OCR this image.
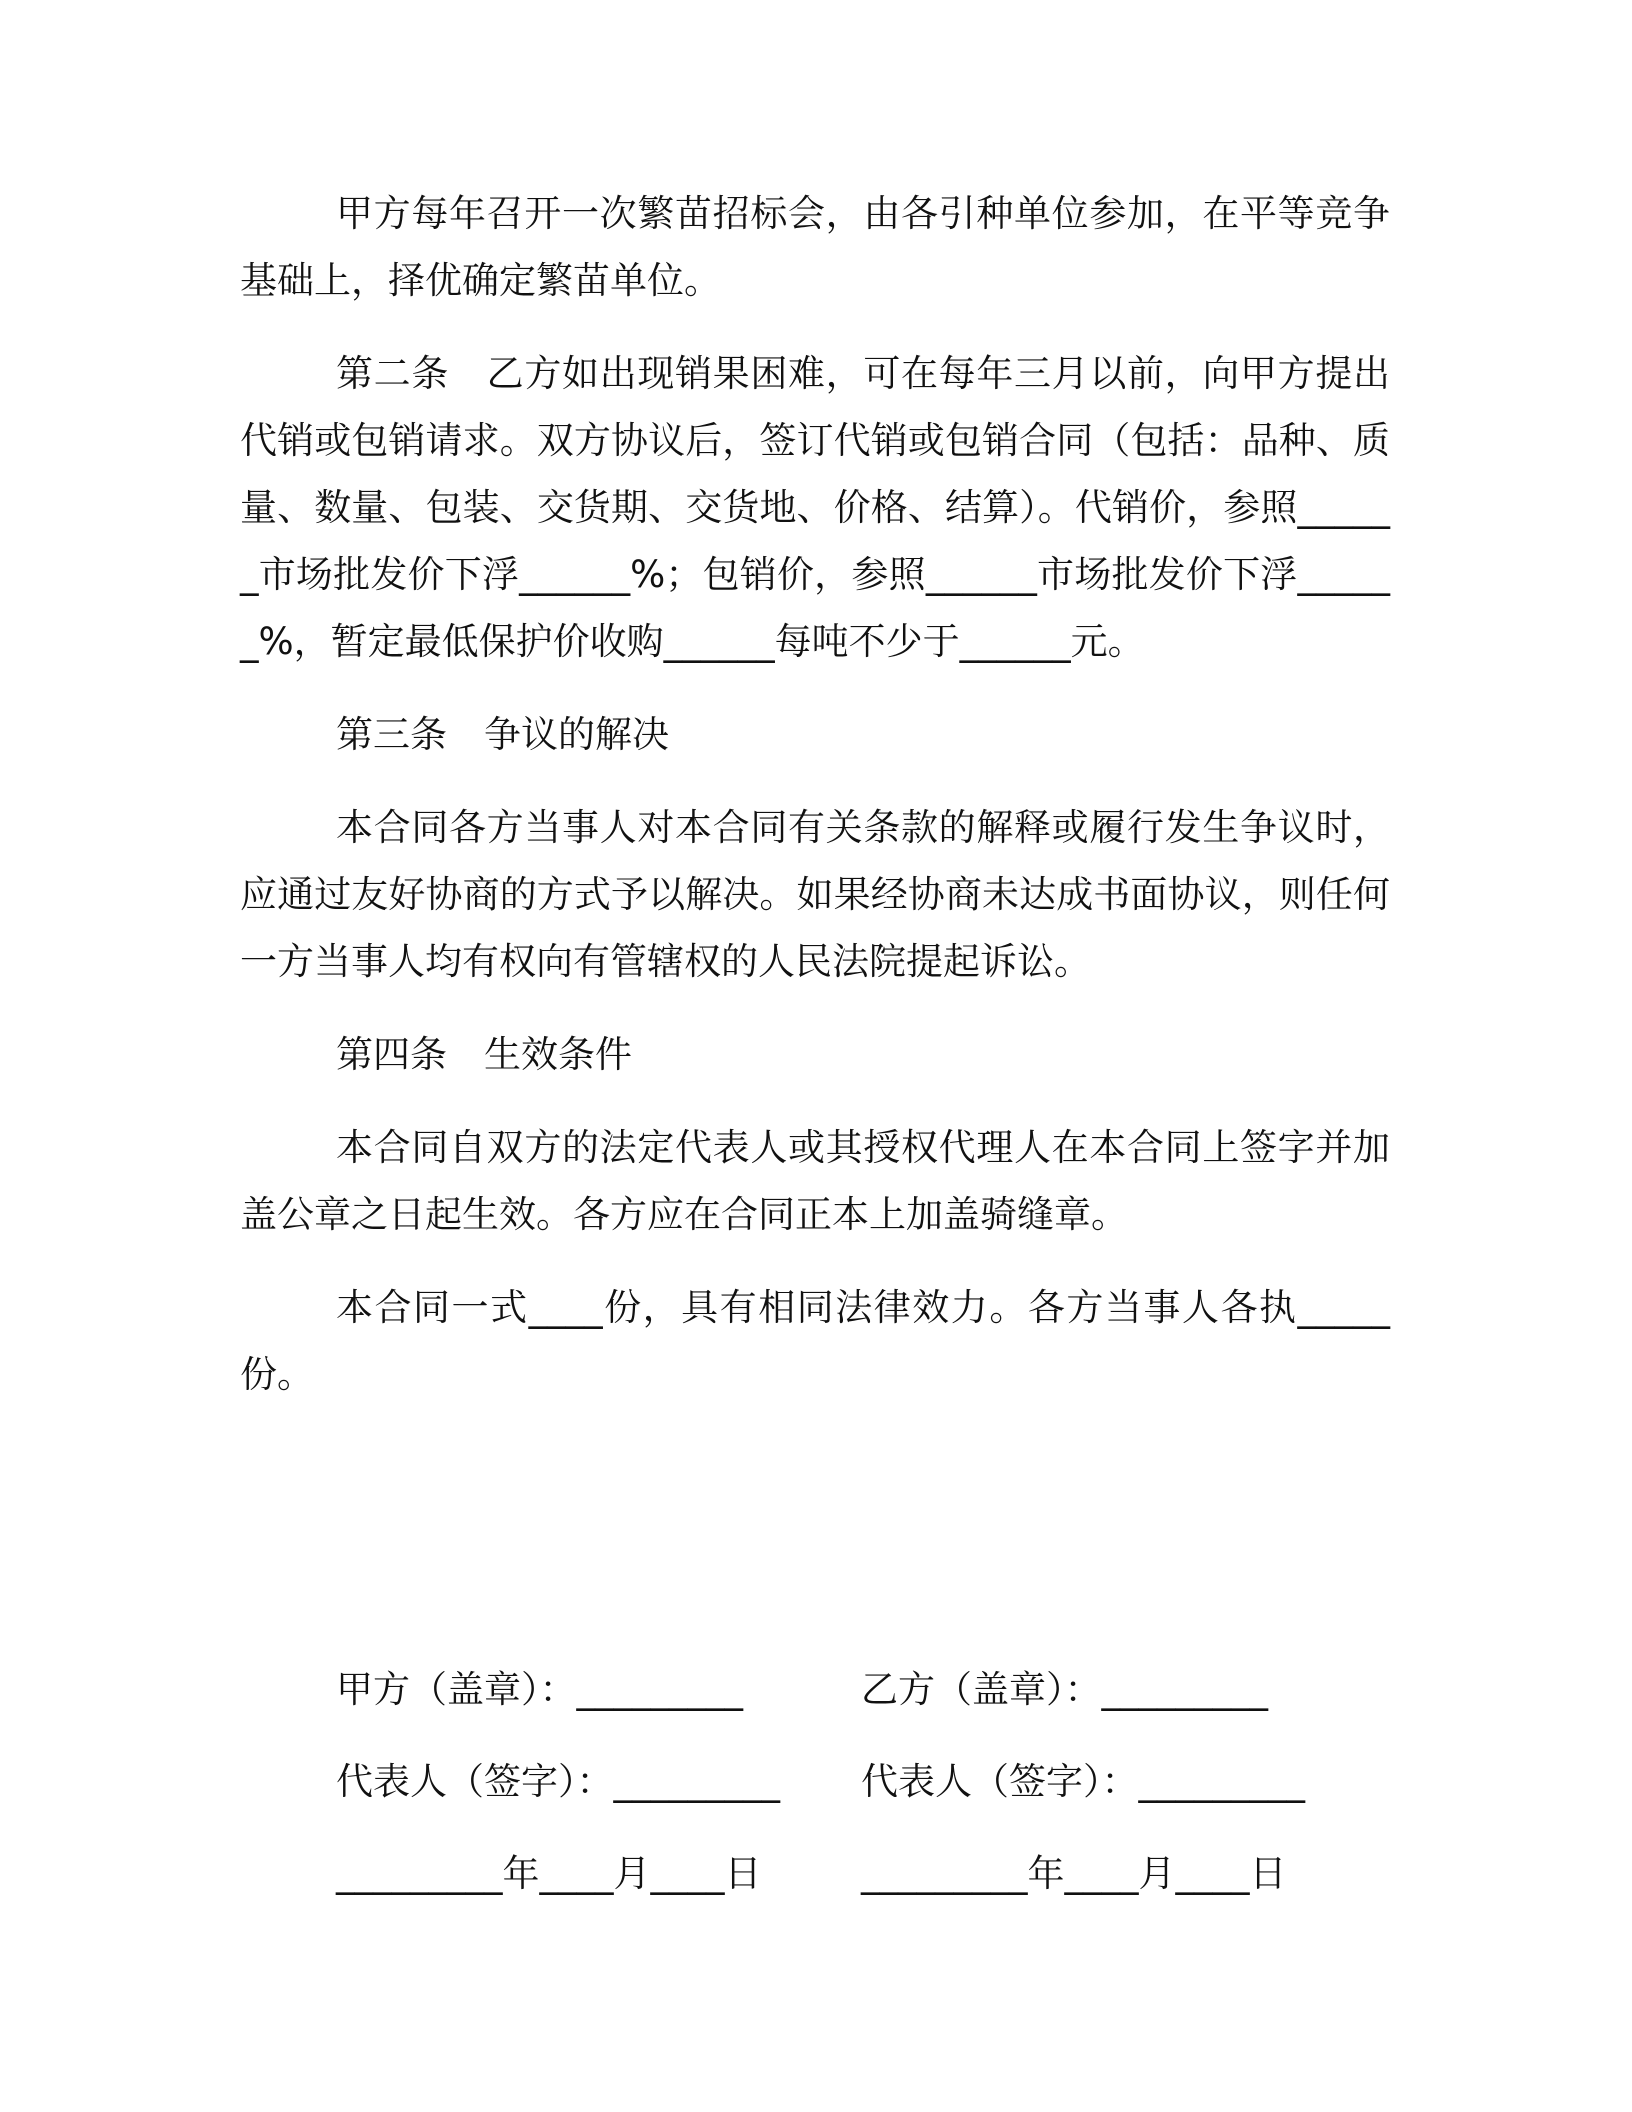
甲方每年召开一次繁苗招标会，由各引种单位参加，在平等竞争基础上，择优确定繁苗单位。

第二条　乙方如出现销果困难，可在每年三月以前，向甲方提出代销或包销请求。双方协议后，签订代销或包销合同（包括：品种、质量、数量、包装、交货期、交货地、价格、结算）。代销价，参照______市场批发价下浮______%；包销价，参照______市场批发价下浮______%，暂定最低保护价收购______每吨不少于______元。

第三条　争议的解决

本合同各方当事人对本合同有关条款的解释或履行发生争议时，应通过友好协商的方式予以解决。如果经协商未达成书面协议，则任何一方当事人均有权向有管辖权的人民法院提起诉讼。

第四条　生效条件

本合同自双方的法定代表人或其授权代理人在本合同上签字并加盖公章之日起生效。各方应在合同正本上加盖骑缝章。

本合同一式____份，具有相同法律效力。各方当事人各执_____份。

甲方（盖章）：_________	乙方（盖章）：_________
代表人（签字）：_________	代表人（签字）：_________
_________年____月____日	_________年____月____日
